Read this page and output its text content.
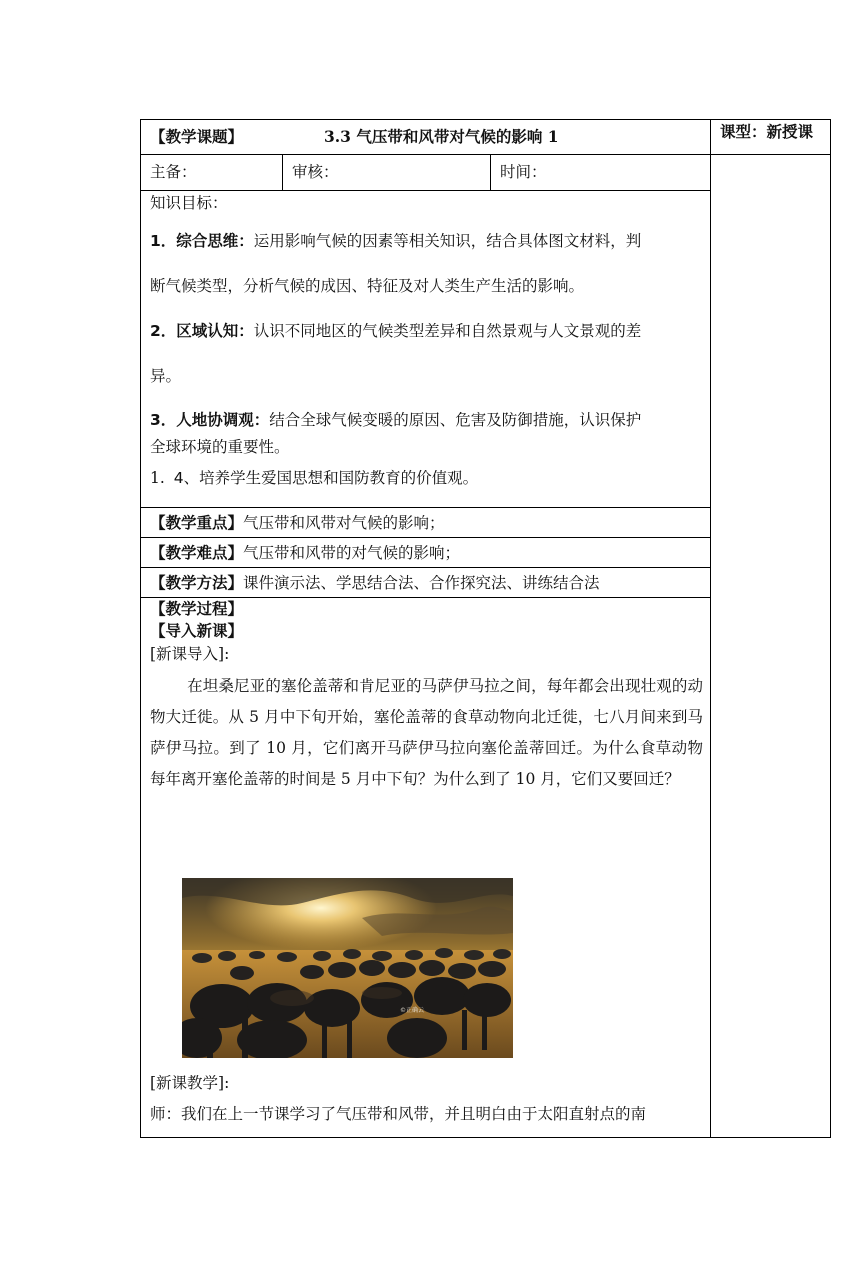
【教学课题】	3.3 气压带和风带对气候的影响 1	课型：新授课
主备：	审核：	时间：
知识目标：
1．综合思维：运用影响气候的因素等相关知识，结合具体图文材料，判
断气候类型，分析气候的成因、特征及对人类生产生活的影响。
2．区域认知：认识不同地区的气候类型差异和自然景观与人文景观的差
异。
3．人地协调观：结合全球气候变暖的原因、危害及防御措施，认识保护
全球环境的重要性。
1. 4、培养学生爱国思想和国防教育的价值观。
【教学重点】气压带和风带对气候的影响；
【教学难点】气压带和风带的对气候的影响；
【教学方法】课件演示法、学思结合法、合作探究法、讲练结合法
【教学过程】
【导入新课】
[新课导入]:
在坦桑尼亚的塞伦盖蒂和肯尼亚的马萨伊马拉之间，每年都会出现壮观的动物大迁徙。从 5 月中下旬开始，塞伦盖蒂的食草动物向北迁徙，七八月间来到马萨伊马拉。到了 10 月，它们离开马萨伊马拉向塞伦盖蒂回迁。为什么食草动物每年离开塞伦盖蒂的时间是 5 月中下旬？为什么到了 10 月，它们又要回迁？
©正确云
[新课教学]:
师：我们在上一节课学习了气压带和风带，并且明白由于太阳直射点的南
